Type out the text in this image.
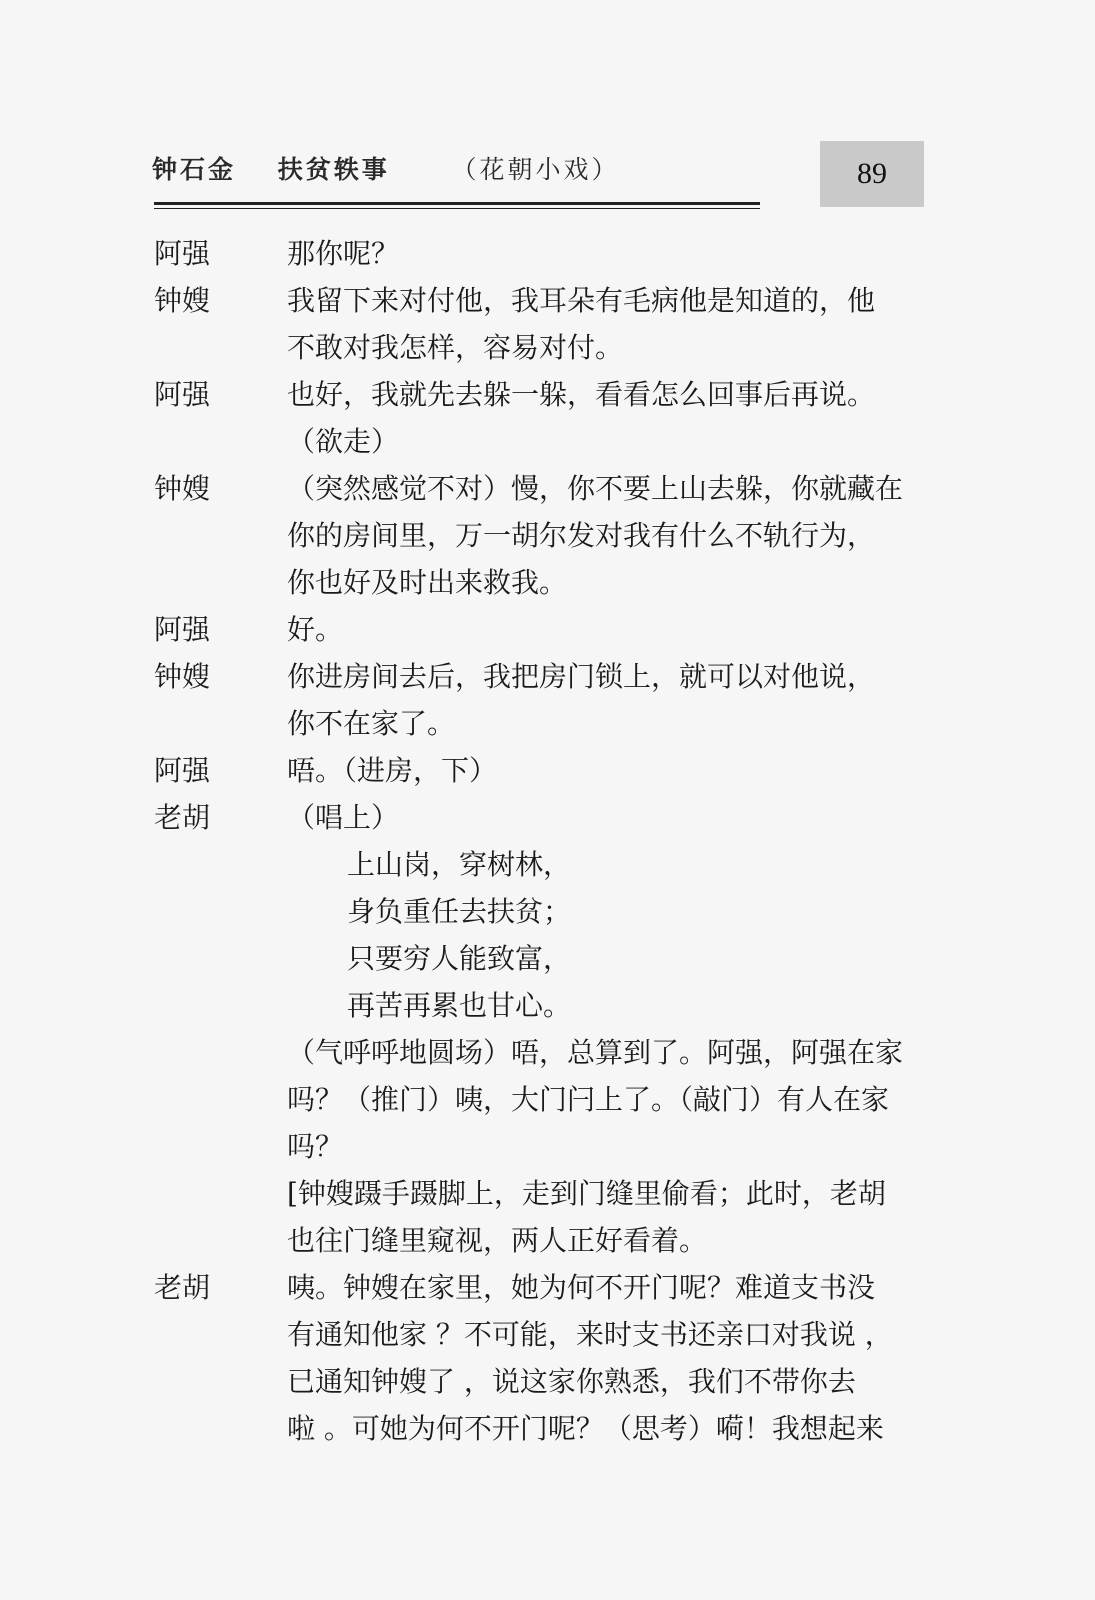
钟石金 扶贫轶事 （花朝小戏）	89
阿强	那你呢？
钟嫂	我留下来对付他，我耳朵有毛病他是知道的，他
不敢对我怎样，容易对付。
阿强	也好，我就先去躲一躲，看看怎么回事后再说。
（欲走）
钟嫂	（突然感觉不对）慢，你不要上山去躲，你就藏在
你的房间里，万一胡尔发对我有什么不轨行为，
你也好及时出来救我。
阿强	好。
钟嫂	你进房间去后，我把房门锁上，就可以对他说，
你不在家了。
阿强	唔。（进房，下）
老胡	（唱上）
上山岗，穿树林，
身负重任去扶贫；
只要穷人能致富，
再苦再累也甘心。
（气呼呼地圆场）唔，总算到了。阿强，阿强在家
吗？（推门）咦，大门闩上了。（敲门）有人在家
吗？
[钟嫂蹑手蹑脚上，走到门缝里偷看；此时，老胡
也往门缝里窥视，两人正好看着。
老胡	咦。钟嫂在家里，她为何不开门呢？难道支书没
有通知他家 ？不可能，来时支书还亲口对我说 ，
已通知钟嫂了 ，说这家你熟悉，我们不带你去
啦 。可她为何不开门呢？（思考）嗬！我想起来
